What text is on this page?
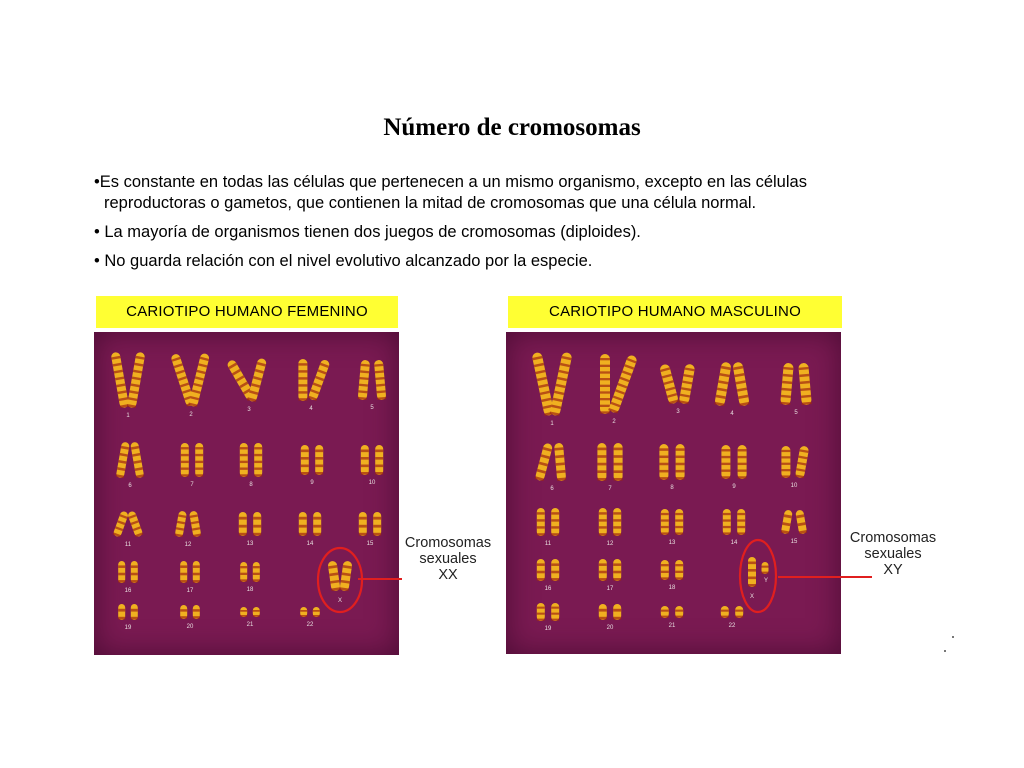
Número de cromosomas
•Es constante en todas las células que pertenecen a un mismo organismo, excepto en las células
reproductoras o gametos, que contienen la mitad de cromosomas que una célula normal.
• La mayoría de organismos tienen dos juegos de cromosomas (diploides).
• No guarda relación con el nivel evolutivo alcanzado por la especie.
CARIOTIPO HUMANO FEMENINO
1	2
3	4	5
6	7	8	9	10
11	12	13	14	15
16	17	18
19	20	21	22
X
Cromosomas
sexuales
XX
CARIOTIPO HUMANO MASCULINO
1	2
3	4	5
6	7	8	9	10
11	12	13	14	15
16	17	18
19	20	21	22
X
Y
Cromosomas
sexuales
XY
